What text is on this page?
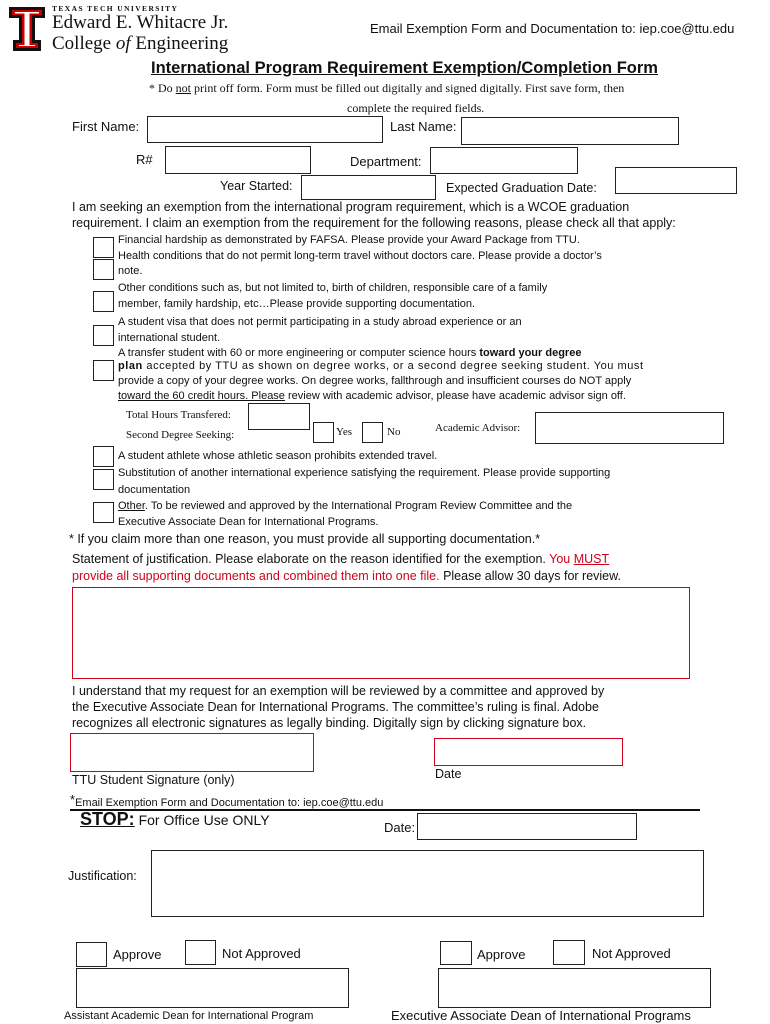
TEXAS TECH UNIVERSITY
Edward E. Whitacre Jr.
College of Engineering
Email Exemption Form and Documentation to: iep.coe@ttu.edu
International Program Requirement Exemption/Completion Form
* Do not print off form. Form must be filled out digitally and signed digitally. First save form, then
complete the required fields.
First Name:	Last Name:
R#	Department:
Year Started:	Expected Graduation Date:
I am seeking an exemption from the international program requirement, which is a WCOE graduation
requirement. I claim an exemption from the requirement for the following reasons, please check all that apply:
Financial hardship as demonstrated by FAFSA. Please provide your Award Package from TTU.
Health conditions that do not permit long-term travel without doctors care. Please provide a doctor’s
note.
Other conditions such as, but not limited to, birth of children, responsible care of a family
member, family hardship, etc…Please provide supporting documentation.
A student visa that does not permit participating in a study abroad experience or an
international student.
A transfer student with 60 or more engineering or computer science hours toward your degree
plan accepted by TTU as shown on degree works, or a second degree seeking student. You must
provide a copy of your degree works. On degree works, fallthrough and insufficient courses do NOT apply
toward the 60 credit hours. Please review with academic advisor, please have academic advisor sign off.
Total Hours Transfered:
Second Degree Seeking:	Yes	No	Academic Advisor:
A student athlete whose athletic season prohibits extended travel.
Substitution of another international experience satisfying the requirement. Please provide supporting
documentation
Other. To be reviewed and approved by the International Program Review Committee and the
Executive Associate Dean for International Programs.
* If you claim more than one reason, you must provide all supporting documentation.*
Statement of justification. Please elaborate on the reason identified for the exemption. You MUST
provide all supporting documents and combined them into one file. Please allow 30 days for review.
I understand that my request for an exemption will be reviewed by a committee and approved by
the Executive Associate Dean for International Programs. The committee’s ruling is final. Adobe
recognizes all electronic signatures as legally binding. Digitally sign by clicking signature box.
TTU Student Signature (only)	Date
*Email Exemption Form and Documentation to: iep.coe@ttu.edu
STOP: For Office Use ONLY	Date:
Justification:
Approve	Not Approved	Approve	Not Approved
Assistant Academic Dean for International Program	Executive Associate Dean of International Programs
